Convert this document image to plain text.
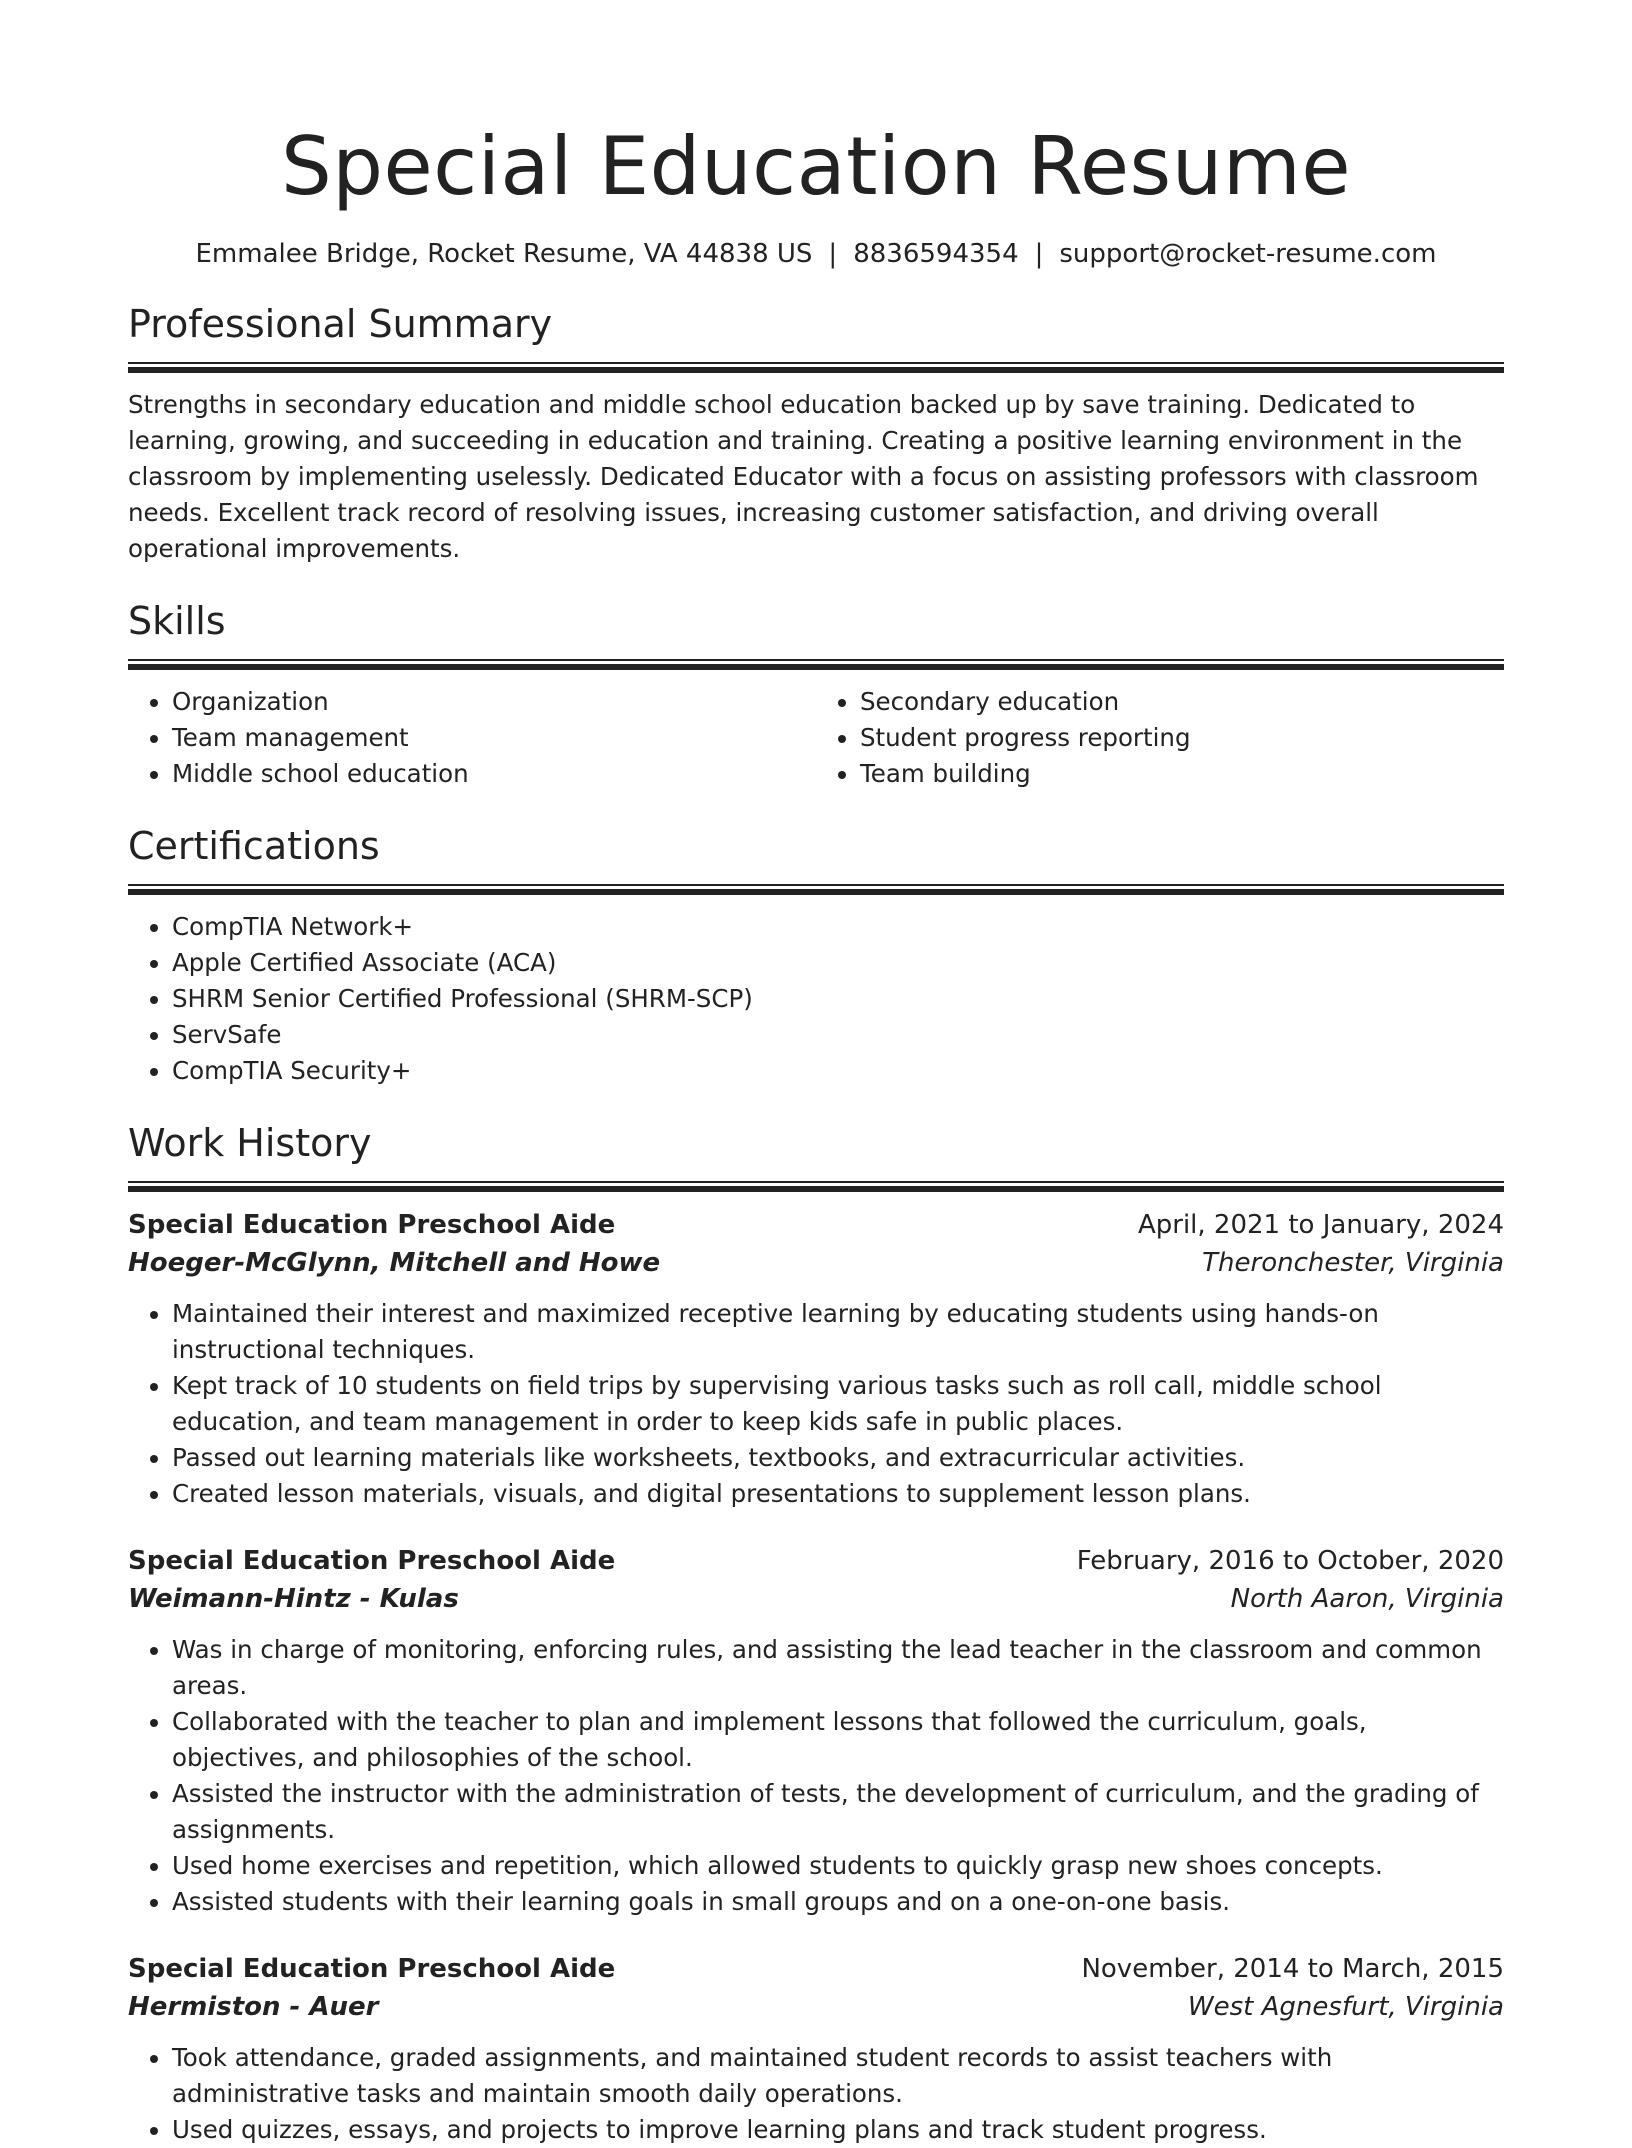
Special Education Resume
Emmalee Bridge, Rocket Resume, VA 44838 US | 8836594354 | support@rocket-resume.com
Professional Summary

Strengths in secondary education and middle school education backed up by save training. Dedicated to learning, growing, and succeeding in education and training. Creating a positive learning environment in the classroom by implementing uselessly. Dedicated Educator with a focus on assisting professors with classroom needs. Excellent track record of resolving issues, increasing customer satisfaction, and driving overall operational improvements.

Skills
• Organization
• Team management
• Middle school education
• Secondary education
• Student progress reporting
• Team building
Certifications
• CompTIA Network+
• Apple Certified Associate (ACA)
• SHRM Senior Certified Professional (SHRM-SCP)
• ServSafe
• CompTIA Security+
Work History
Special Education Preschool Aide	April, 2021 to January, 2024
Hoeger-McGlynn, Mitchell and Howe	Theronchester, Virginia
• Maintained their interest and maximized receptive learning by educating students using hands-on instructional techniques.
• Kept track of 10 students on field trips by supervising various tasks such as roll call, middle school education, and team management in order to keep kids safe in public places.
• Passed out learning materials like worksheets, textbooks, and extracurricular activities.
• Created lesson materials, visuals, and digital presentations to supplement lesson plans.
Special Education Preschool Aide	February, 2016 to October, 2020
Weimann-Hintz - Kulas	North Aaron, Virginia
• Was in charge of monitoring, enforcing rules, and assisting the lead teacher in the classroom and common areas.
• Collaborated with the teacher to plan and implement lessons that followed the curriculum, goals, objectives, and philosophies of the school.
• Assisted the instructor with the administration of tests, the development of curriculum, and the grading of assignments.
• Used home exercises and repetition, which allowed students to quickly grasp new shoes concepts.
• Assisted students with their learning goals in small groups and on a one-on-one basis.
Special Education Preschool Aide	November, 2014 to March, 2015
Hermiston - Auer	West Agnesfurt, Virginia
• Took attendance, graded assignments, and maintained student records to assist teachers with administrative tasks and maintain smooth daily operations.
• Used quizzes, essays, and projects to improve learning plans and track student progress.
